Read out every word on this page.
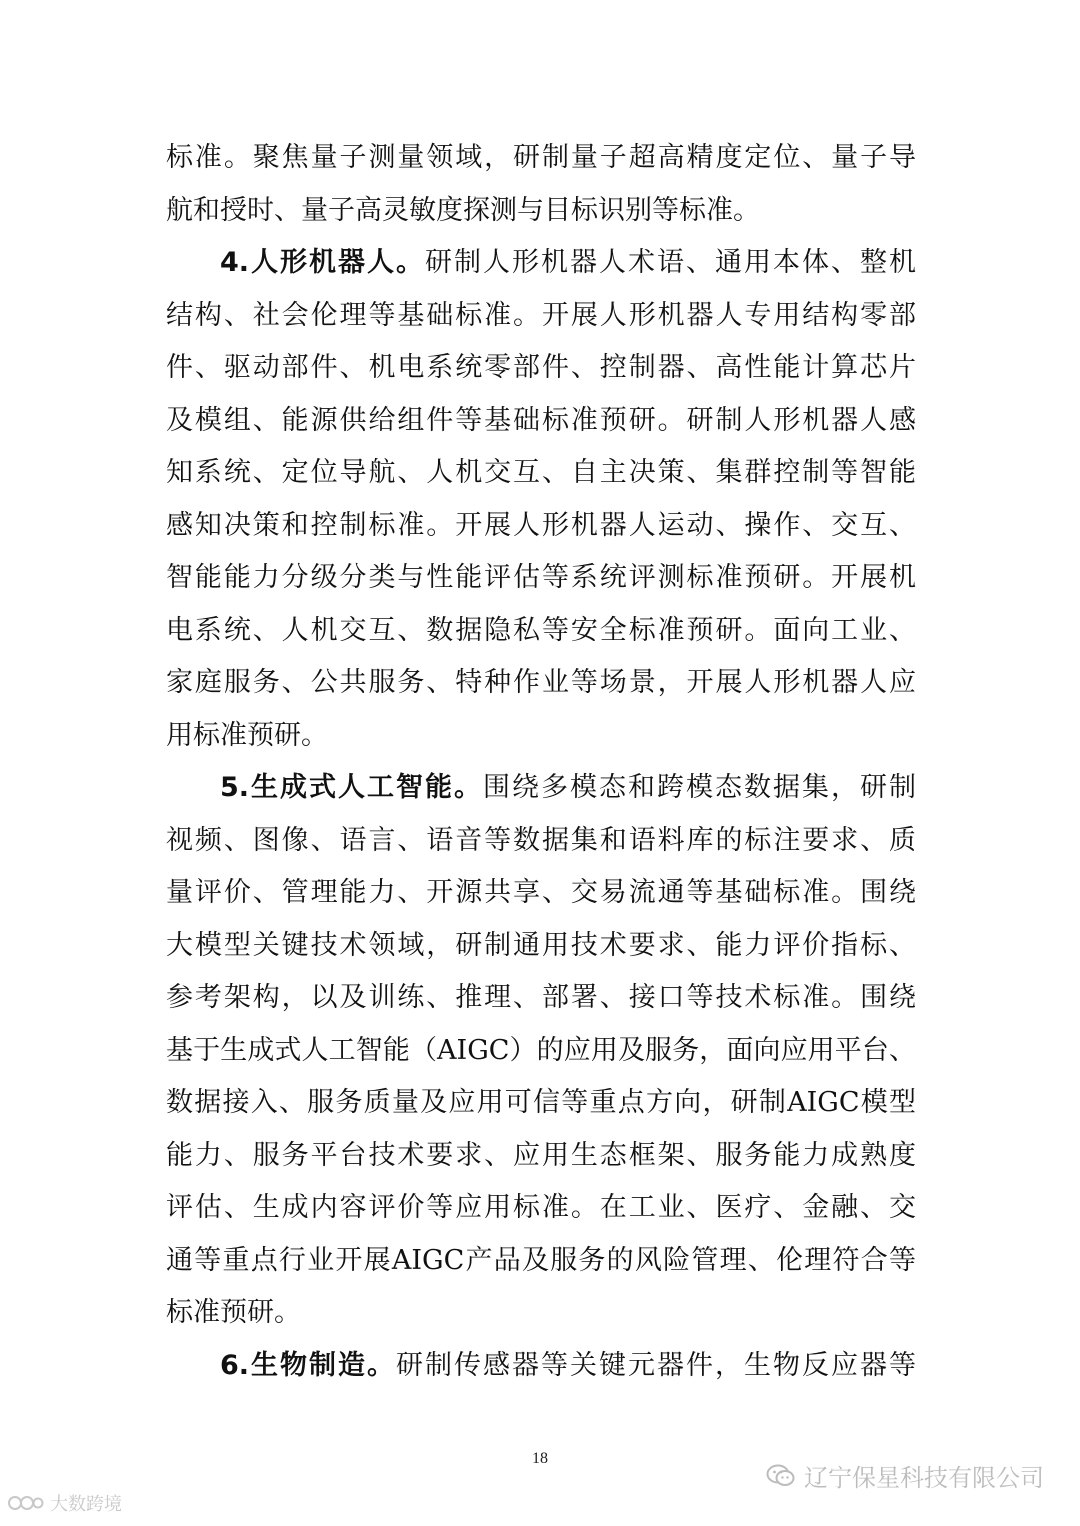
标准。聚焦量子测量领域，研制量子超高精度定位、量子导
航和授时、量子高灵敏度探测与目标识别等标准。
4.人形机器人。研制人形机器人术语、通用本体、整机
结构、社会伦理等基础标准。开展人形机器人专用结构零部
件、驱动部件、机电系统零部件、控制器、高性能计算芯片
及模组、能源供给组件等基础标准预研。研制人形机器人感
知系统、定位导航、人机交互、自主决策、集群控制等智能
感知决策和控制标准。开展人形机器人运动、操作、交互、
智能能力分级分类与性能评估等系统评测标准预研。开展机
电系统、人机交互、数据隐私等安全标准预研。面向工业、
家庭服务、公共服务、特种作业等场景，开展人形机器人应
用标准预研。
5.生成式人工智能。围绕多模态和跨模态数据集，研制
视频、图像、语言、语音等数据集和语料库的标注要求、质
量评价、管理能力、开源共享、交易流通等基础标准。围绕
大模型关键技术领域，研制通用技术要求、能力评价指标、
参考架构，以及训练、推理、部署、接口等技术标准。围绕
基于生成式人工智能（AIGC）的应用及服务，面向应用平台、
数据接入、服务质量及应用可信等重点方向，研制AIGC模型
能力、服务平台技术要求、应用生态框架、服务能力成熟度
评估、生成内容评价等应用标准。在工业、医疗、金融、交
通等重点行业开展AIGC产品及服务的风险管理、伦理符合等
标准预研。
6.生物制造。研制传感器等关键元器件，生物反应器等
18
辽宁保星科技有限公司
大数跨境
